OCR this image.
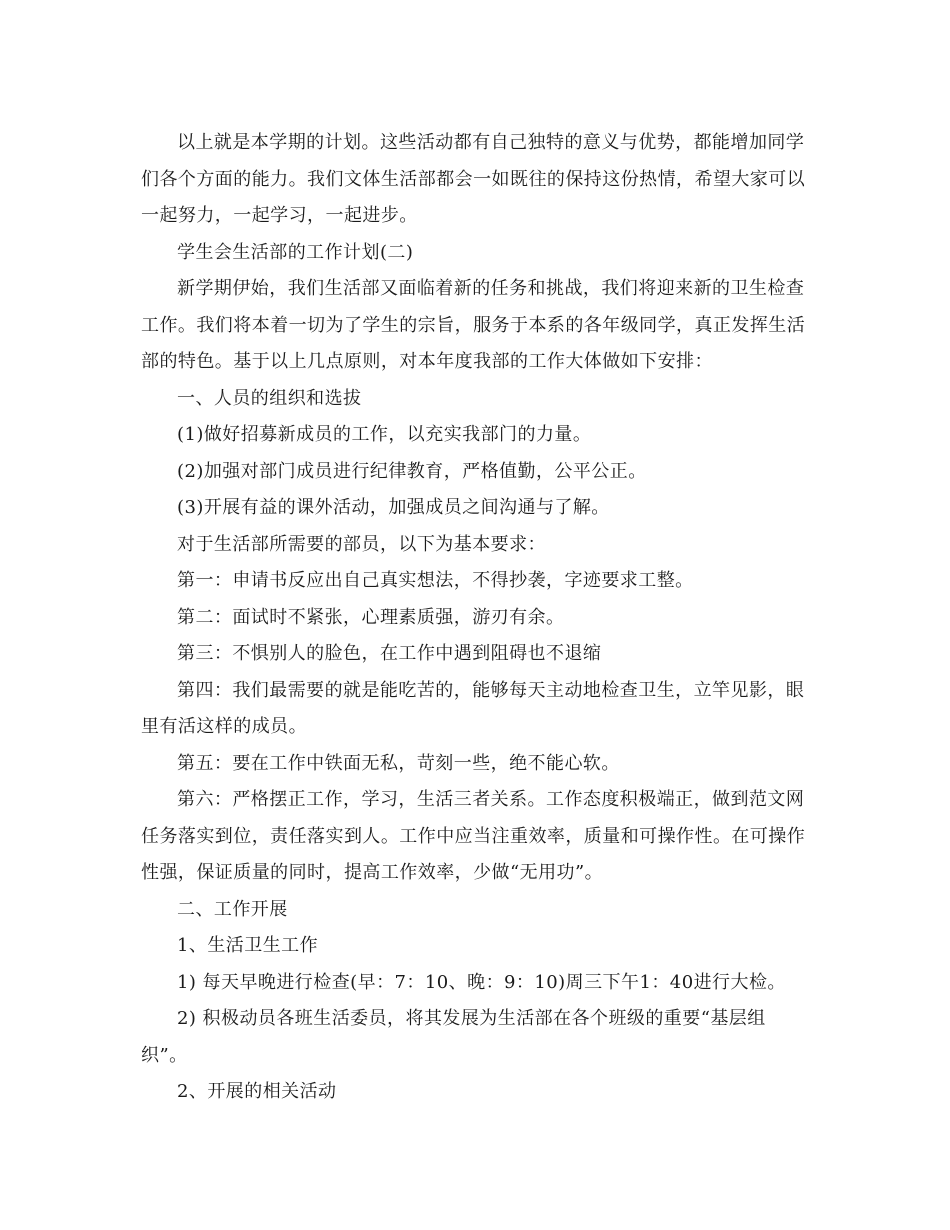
以上就是本学期的计划。这些活动都有自己独特的意义与优势，都能增加同学们各个方面的能力。我们文体生活部都会一如既往的保持这份热情，希望大家可以一起努力，一起学习，一起进步。

学生会生活部的工作计划(二)

新学期伊始，我们生活部又面临着新的任务和挑战，我们将迎来新的卫生检查工作。我们将本着一切为了学生的宗旨，服务于本系的各年级同学，真正发挥生活部的特色。基于以上几点原则，对本年度我部的工作大体做如下安排：

一、人员的组织和选拔

(1)做好招募新成员的工作，以充实我部门的力量。

(2)加强对部门成员进行纪律教育，严格值勤，公平公正。

(3)开展有益的课外活动，加强成员之间沟通与了解。

对于生活部所需要的部员，以下为基本要求：

第一：申请书反应出自己真实想法，不得抄袭，字迹要求工整。

第二：面试时不紧张，心理素质强，游刃有余。

第三：不惧别人的脸色，在工作中遇到阻碍也不退缩

第四：我们最需要的就是能吃苦的，能够每天主动地检查卫生，立竿见影，眼里有活这样的成员。

第五：要在工作中铁面无私，苛刻一些，绝不能心软。

第六：严格摆正工作，学习，生活三者关系。工作态度积极端正，做到范文网任务落实到位，责任落实到人。工作中应当注重效率，质量和可操作性。在可操作性强，保证质量的同时，提高工作效率，少做“无用功”。

二、工作开展

1、生活卫生工作

1) 每天早晚进行检查(早：7：10、晚：9：10)周三下午1：40进行大检。

2) 积极动员各班生活委员，将其发展为生活部在各个班级的重要“基层组织”。

2、开展的相关活动
